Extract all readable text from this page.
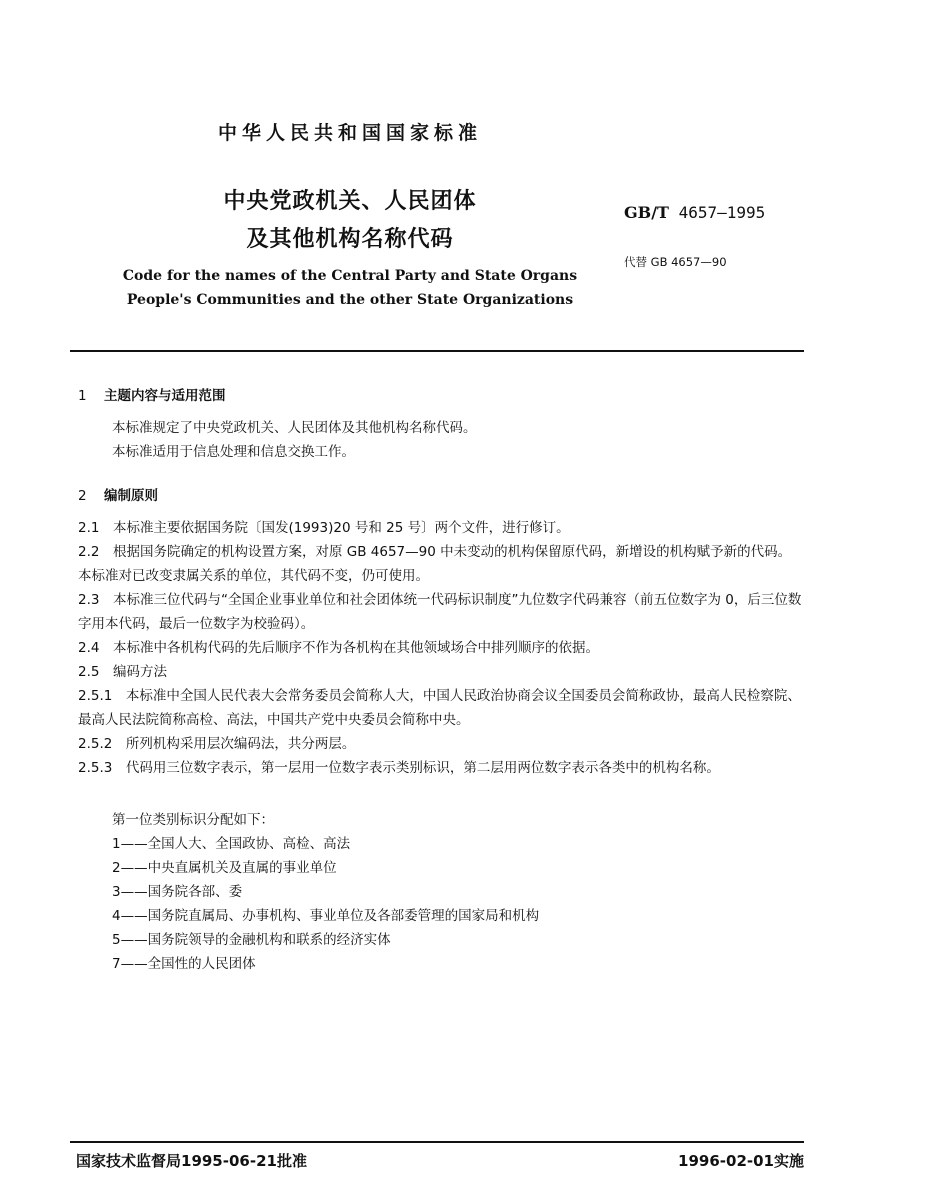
中华人民共和国国家标准
中央党政机关、人民团体
及其他机构名称代码
GB/T 4657—1995
代替 GB 4657—90
Code for the names of the Central Party and State Organs
People's Communities and the other State Organizations
1 主题内容与适用范围

本标准规定了中央党政机关、人民团体及其他机构名称代码。

本标准适用于信息处理和信息交换工作。

2 编制原则

2.1　本标准主要依据国务院〔国发(1993)20 号和 25 号〕两个文件，进行修订。

2.2　根据国务院确定的机构设置方案，对原 GB 4657—90 中未变动的机构保留原代码，新增设的机构赋予新的代码。本标准对已改变隶属关系的单位，其代码不变，仍可使用。

2.3　本标准三位代码与“全国企业事业单位和社会团体统一代码标识制度”九位数字代码兼容（前五位数字为 0，后三位数字用本代码，最后一位数字为校验码）。

2.4　本标准中各机构代码的先后顺序不作为各机构在其他领域场合中排列顺序的依据。

2.5　编码方法

2.5.1　本标准中全国人民代表大会常务委员会简称人大，中国人民政治协商会议全国委员会简称政协，最高人民检察院、最高人民法院简称高检、高法，中国共产党中央委员会简称中央。

2.5.2　所列机构采用层次编码法，共分两层。

2.5.3　代码用三位数字表示，第一层用一位数字表示类别标识，第二层用两位数字表示各类中的机构名称。

第一位类别标识分配如下：

1——全国人大、全国政协、高检、高法
2——中央直属机关及直属的事业单位
3——国务院各部、委
4——国务院直属局、办事机构、事业单位及各部委管理的国家局和机构
5——国务院领导的金融机构和联系的经济实体
7——全国性的人民团体
国家技术监督局1995-06-21批准	1996-02-01实施
